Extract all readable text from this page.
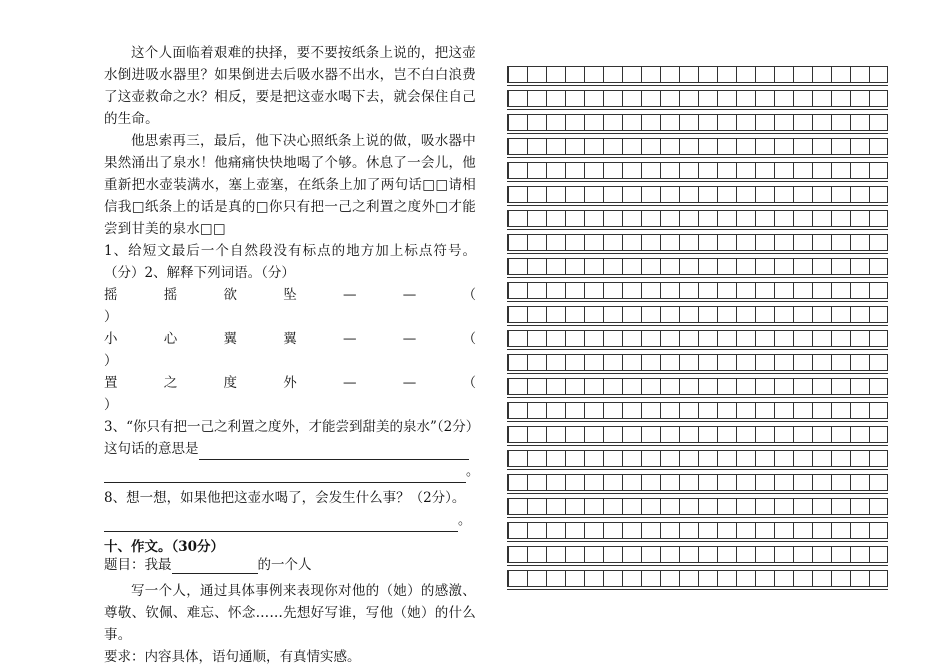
这个人面临着艰难的抉择，要不要按纸条上说的，把这壶水倒进吸水器里？如果倒进去后吸水器不出水，岂不白白浪费了这壶救命之水？相反，要是把这壶水喝下去，就会保住自己的生命。

他思索再三，最后，他下决心照纸条上说的做，吸水器中果然涌出了泉水！他痛痛快快地喝了个够。休息了一会儿，他重新把水壶装满水，塞上壶塞，在纸条上加了两句话□□请相信我□纸条上的话是真的□你只有把一己之利置之度外□才能尝到甘美的泉水□□

1、给短文最后一个自然段没有标点的地方加上标点符号。（分）2、解释下列词语。（分）

摇	摇	欲	坠	—	—	（

）

小	心	翼	翼	—	—	（

）

置	之	度	外	—	—	（

）

3、“你只有把一己之利置之度外，才能尝到甜美的泉水”（2分）

这句话的意思是

。

8、想一想，如果他把这壶水喝了，会发生什么事？（2分）。

。

十、作文。（30分）

题目：我最	的一个人

写一个人，通过具体事例来表现你对他的（她）的感激、尊敬、钦佩、难忘、怀念……先想好写谁，写他（她）的什么事。

要求：内容具体，语句通顺，有真情实感。
